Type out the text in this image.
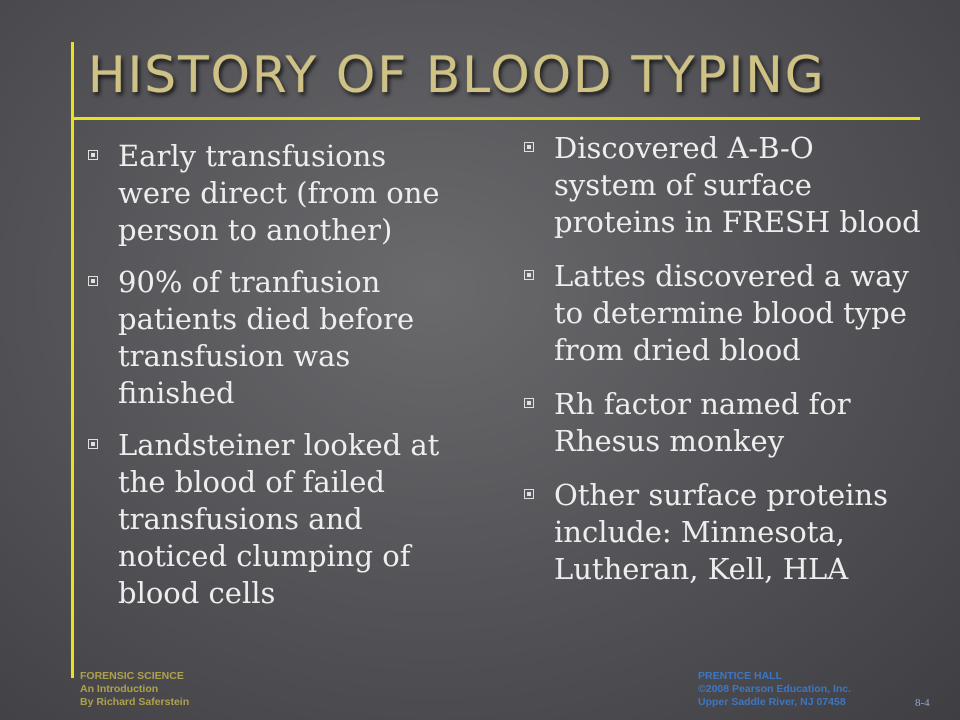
HISTORY OF BLOOD TYPING
Early transfusions were direct (from one person to another)
90% of tranfusion patients died before transfusion was finished
Landsteiner looked at the blood of failed transfusions and noticed clumping of blood cells
Discovered A-B-O system of surface proteins in FRESH blood
Lattes discovered a way to determine blood type from dried blood
Rh factor named for Rhesus monkey
Other surface proteins include: Minnesota, Lutheran, Kell, HLA
FORENSIC SCIENCE
An Introduction
By Richard Saferstein
PRENTICE HALL
©2008 Pearson Education, Inc.
Upper Saddle River, NJ 07458	8-4
